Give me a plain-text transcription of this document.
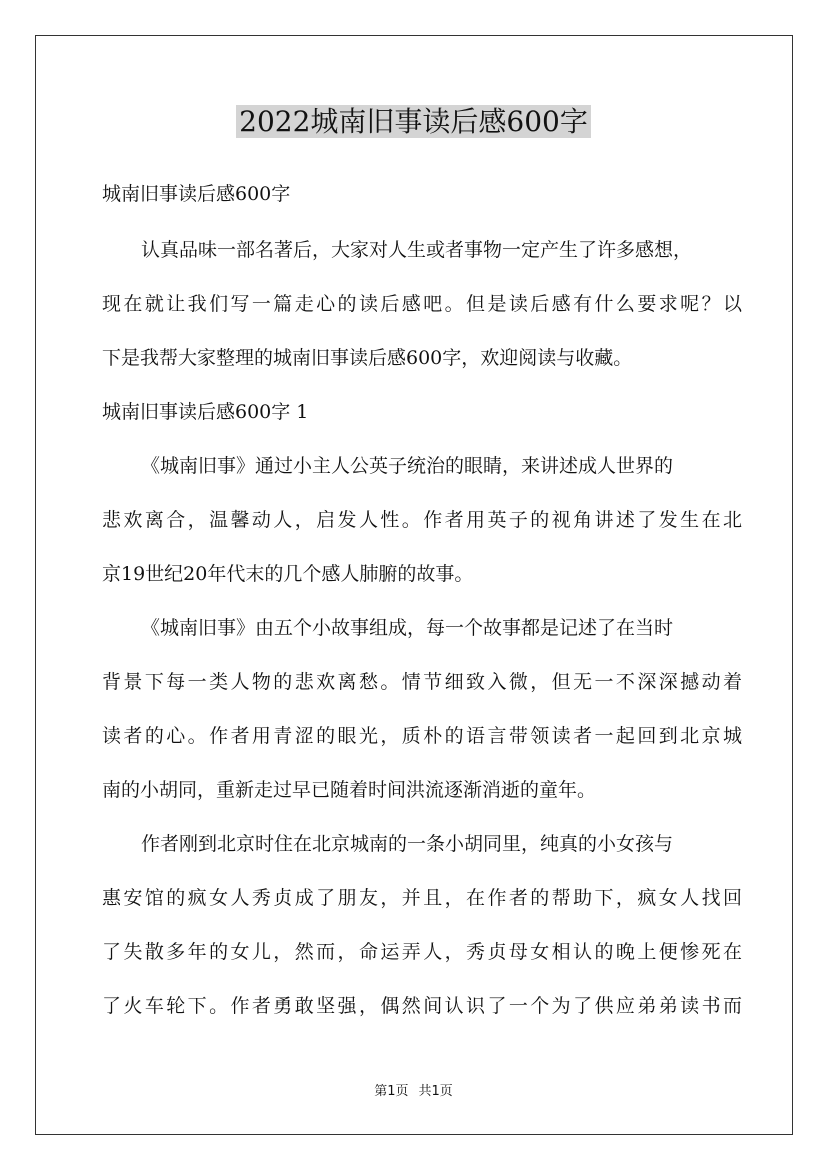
2022城南旧事读后感600字
城南旧事读后感600字
认真品味一部名著后，大家对人生或者事物一定产生了许多感想，
现在就让我们写一篇走心的读后感吧。但是读后感有什么要求呢？以
下是我帮大家整理的城南旧事读后感600字，欢迎阅读与收藏。
城南旧事读后感600字 1
《城南旧事》通过小主人公英子统治的眼睛，来讲述成人世界的
悲欢离合，温馨动人，启发人性。作者用英子的视角讲述了发生在北
京19世纪20年代末的几个感人肺腑的故事。
《城南旧事》由五个小故事组成，每一个故事都是记述了在当时
背景下每一类人物的悲欢离愁。情节细致入微，但无一不深深撼动着
读者的心。作者用青涩的眼光，质朴的语言带领读者一起回到北京城
南的小胡同，重新走过早已随着时间洪流逐渐消逝的童年。
作者刚到北京时住在北京城南的一条小胡同里，纯真的小女孩与
惠安馆的疯女人秀贞成了朋友，并且，在作者的帮助下，疯女人找回
了失散多年的女儿，然而，命运弄人，秀贞母女相认的晚上便惨死在
了火车轮下。作者勇敢坚强，偶然间认识了一个为了供应弟弟读书而
第1页 共1页
